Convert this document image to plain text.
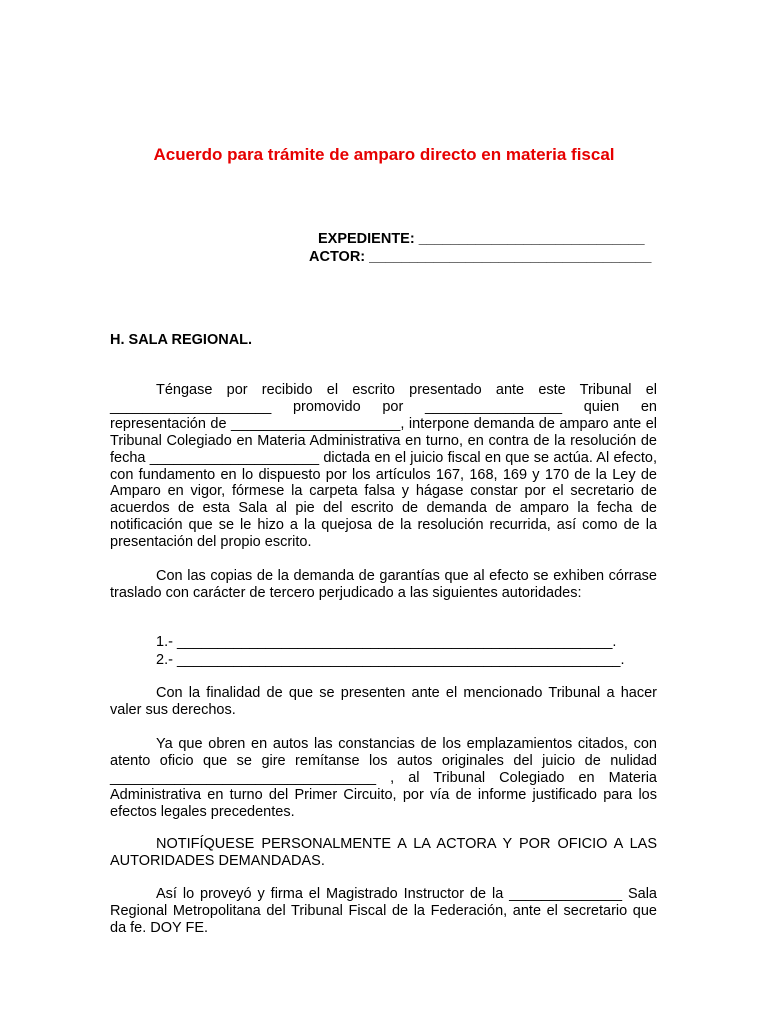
Acuerdo para trámite de amparo directo en materia fiscal
EXPEDIENTE: ____________________________
ACTOR: ___________________________________
H. SALA REGIONAL.

Téngase por recibido el escrito presentado ante este Tribunal el ____________________ promovido por _________________ quien en representación de _____________________, interpone demanda de amparo ante el Tribunal Colegiado en Materia Administrativa en turno, en contra de la resolución de fecha _____________________ dictada en el juicio fiscal en que se actúa. Al efecto, con fundamento en lo dispuesto por los artículos 167, 168, 169 y 170 de la Ley de Amparo en vigor, fórmese la carpeta falsa y hágase constar por el secretario de acuerdos de esta Sala al pie del escrito de demanda de amparo la fecha de notificación que se le hizo a la quejosa de la resolución recurrida, así como de la presentación del propio escrito.

Con las copias de la demanda de garantías que al efecto se exhiben córrase traslado con carácter de tercero perjudicado a las siguientes autoridades:

1.- ______________________________________________________.
2.- _______________________________________________________.

Con la finalidad de que se presenten ante el mencionado Tribunal a hacer valer sus derechos.

Ya que obren en autos las constancias de los emplazamientos citados, con atento oficio que se gire remítanse los autos originales del juicio de nulidad _________________________________ , al Tribunal Colegiado en Materia Administrativa en turno del Primer Circuito, por vía de informe justificado para los efectos legales precedentes.

NOTIFÍQUESE PERSONALMENTE A LA ACTORA Y POR OFICIO A LAS AUTORIDADES DEMANDADAS.

Así lo proveyó y firma el Magistrado Instructor de la ______________ Sala Regional Metropolitana del Tribunal Fiscal de la Federación, ante el secretario que da fe. DOY FE.
